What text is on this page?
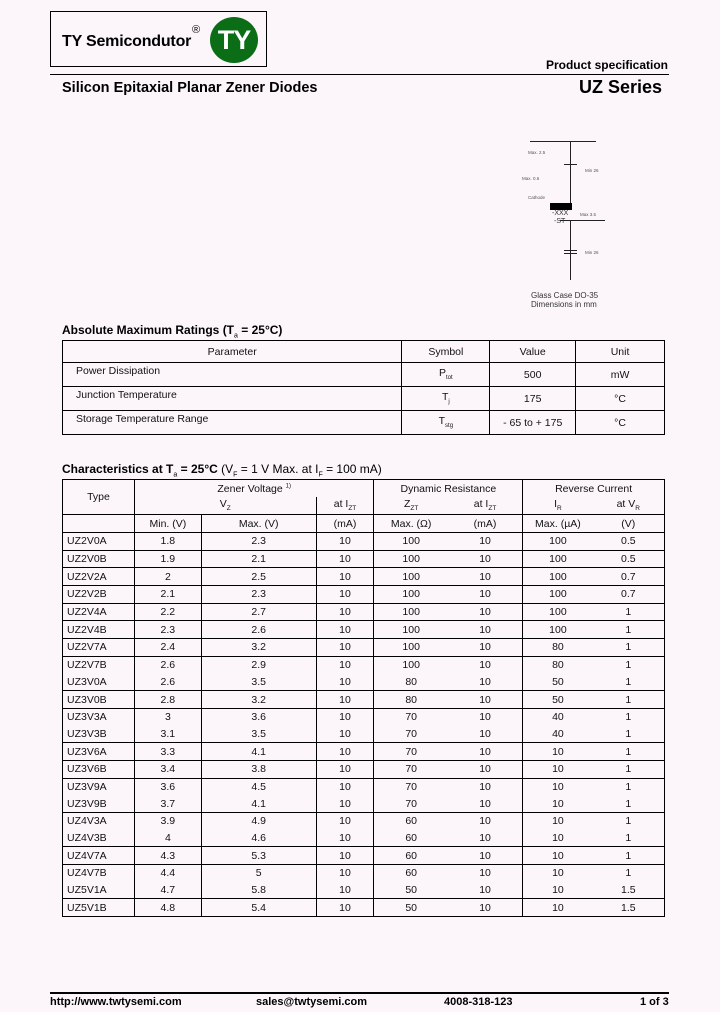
TY Semicondutor
® TY
Product specification
Silicon Epitaxial Planar Zener Diodes	UZ Series
Max. 2.5
Max. 0.6
Min 26
Cathode
Max 3.5
Min 26
-XXX
-ST
Glass Case DO-35
Dimensions in mm
Absolute Maximum Ratings $(T_a = 25^\circ C)$
Parameter	Symbol	Value	Unit
Power Dissipation	$P_{tot}$	500	mW
Junction Temperature	$T_j$	175	°C
Storage Temperature Range	$T_{stg}$	- 65 to + 175	°C
Characteristics at $T_a = 25^\circ C$ ($V_F = 1$ V Max. at $I_F = 100$ mA)
Type	Zener Voltage $^{1)}$			Dynamic Resistance		Reverse Current	
	$V_Z$		at $I_{ZT}$	$Z_{ZT}$	at $I_{ZT}$	$I_R$	at $V_R$
	Min. (V)	Max. (V)	(mA)	Max. (Ω)	(mA)	Max. (µA)	(V)
UZ2V0A	1.8	2.3	10	100	10	100	0.5
UZ2V0B	1.9	2.1	10	100	10	100	0.5
UZ2V2A	2	2.5	10	100	10	100	0.7
UZ2V2B	2.1	2.3	10	100	10	100	0.7
UZ2V4A	2.2	2.7	10	100	10	100	1
UZ2V4B	2.3	2.6	10	100	10	100	1
UZ2V7A	2.4	3.2	10	100	10	80	1
UZ2V7B	2.6	2.9	10	100	10	80	1
UZ3V0A	2.6	3.5	10	80	10	50	1
UZ3V0B	2.8	3.2	10	80	10	50	1
UZ3V3A	3	3.6	10	70	10	40	1
UZ3V3B	3.1	3.5	10	70	10	40	1
UZ3V6A	3.3	4.1	10	70	10	10	1
UZ3V6B	3.4	3.8	10	70	10	10	1
UZ3V9A	3.6	4.5	10	70	10	10	1
UZ3V9B	3.7	4.1	10	70	10	10	1
UZ4V3A	3.9	4.9	10	60	10	10	1
UZ4V3B	4	4.6	10	60	10	10	1
UZ4V7A	4.3	5.3	10	60	10	10	1
UZ4V7B	4.4	5	10	60	10	10	1
UZ5V1A	4.7	5.8	10	50	10	10	1.5
UZ5V1B	4.8	5.4	10	50	10	10	1.5
http://www.twtysemi.com	sales@twtysemi.com	4008-318-123	1 of 3
